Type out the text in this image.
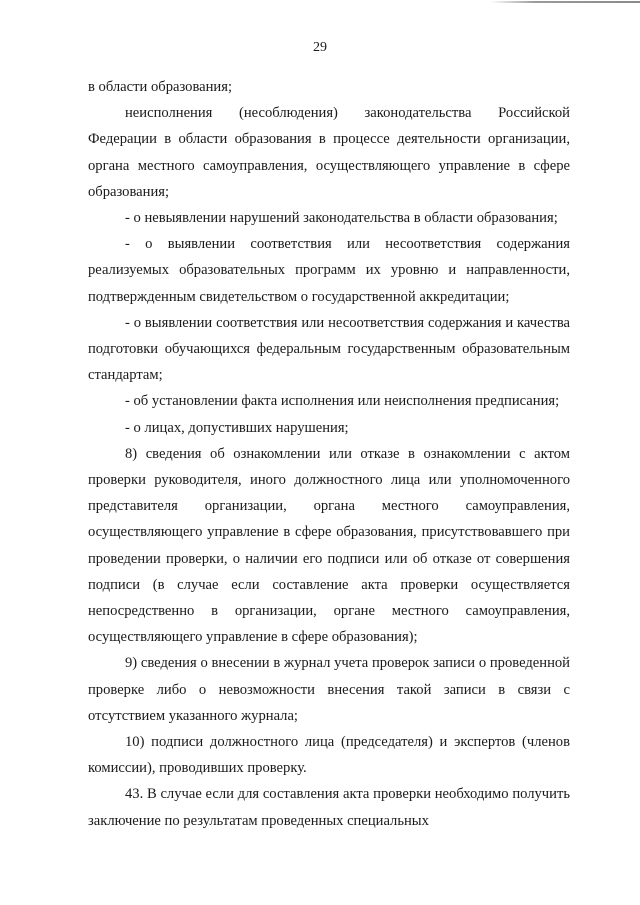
29

в области образования;

неисполнения (несоблюдения) законодательства Российской Федерации в области образования в процессе деятельности организации, органа местного самоуправления, осуществляющего управление в сфере образования;

- о невыявлении нарушений законодательства в области образования;

- о выявлении соответствия или несоответствия содержания реализуемых образовательных программ их уровню и направленности, подтвержденным свидетельством о государственной аккредитации;

- о выявлении соответствия или несоответствия содержания и качества подготовки обучающихся федеральным государственным образовательным стандартам;

- об установлении факта исполнения или неисполнения предписания;

- о лицах, допустивших нарушения;

8) сведения об ознакомлении или отказе в ознакомлении с актом проверки руководителя, иного должностного лица или уполномоченного представителя организации, органа местного самоуправления, осуществляющего управление в сфере образования, присутствовавшего при проведении проверки, о наличии его подписи или об отказе от совершения подписи (в случае если составление акта проверки осуществляется непосредственно в организации, органе местного самоуправления, осуществляющего управление в сфере образования);

9) сведения о внесении в журнал учета проверок записи о проведенной проверке либо о невозможности внесения такой записи в связи с отсутствием указанного журнала;

10) подписи должностного лица (председателя) и экспертов (членов комиссии), проводивших проверку.

43. В случае если для составления акта проверки необходимо получить заключение по результатам проведенных специальных
